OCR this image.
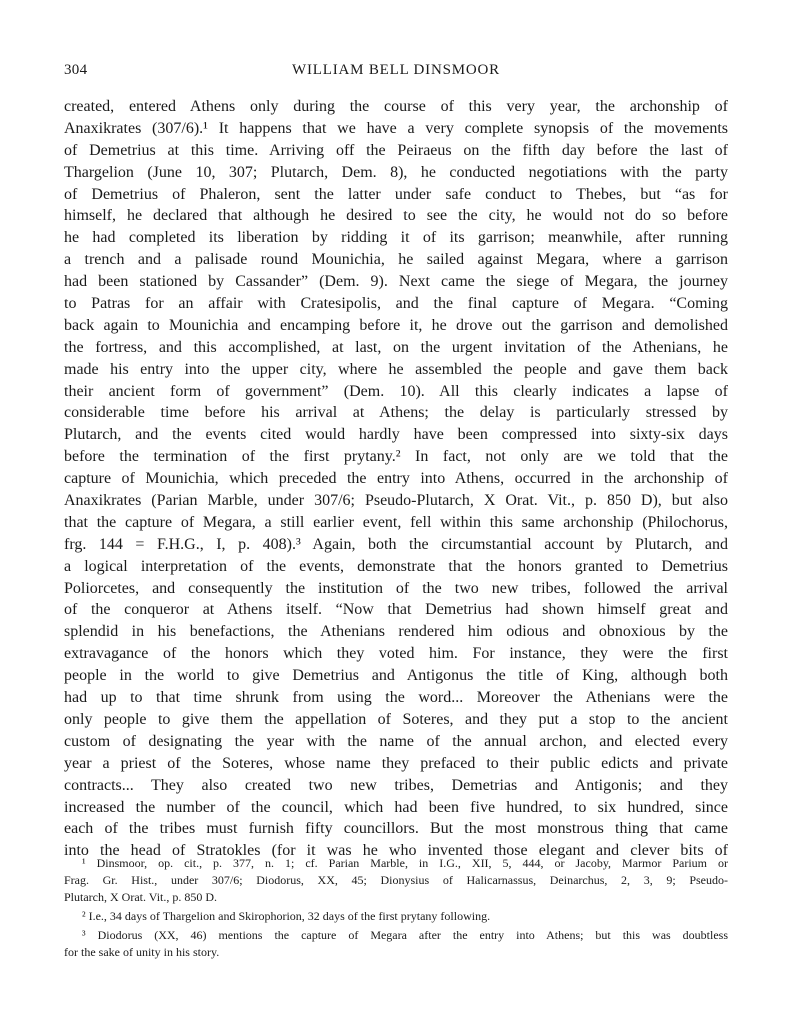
304	WILLIAM BELL DINSMOOR
created, entered Athens only during the course of this very year, the archonship of
Anaxikrates (307/6).¹ It happens that we have a very complete synopsis of the movements
of Demetrius at this time. Arriving off the Peiraeus on the fifth day before the last of
Thargelion (June 10, 307; Plutarch, Dem. 8), he conducted negotiations with the party
of Demetrius of Phaleron, sent the latter under safe conduct to Thebes, but “as for
himself, he declared that although he desired to see the city, he would not do so before
he had completed its liberation by ridding it of its garrison; meanwhile, after running
a trench and a palisade round Mounichia, he sailed against Megara, where a garrison
had been stationed by Cassander” (Dem. 9). Next came the siege of Megara, the journey
to Patras for an affair with Cratesipolis, and the final capture of Megara. “Coming
back again to Mounichia and encamping before it, he drove out the garrison and demolished
the fortress, and this accomplished, at last, on the urgent invitation of the Athenians, he
made his entry into the upper city, where he assembled the people and gave them back
their ancient form of government” (Dem. 10). All this clearly indicates a lapse of
considerable time before his arrival at Athens; the delay is particularly stressed by
Plutarch, and the events cited would hardly have been compressed into sixty-six days
before the termination of the first prytany.² In fact, not only are we told that the
capture of Mounichia, which preceded the entry into Athens, occurred in the archonship of
Anaxikrates (Parian Marble, under 307/6; Pseudo-Plutarch, X Orat. Vit., p. 850 D), but also
that the capture of Megara, a still earlier event, fell within this same archonship (Philochorus,
frg. 144 = F.H.G., I, p. 408).³ Again, both the circumstantial account by Plutarch, and
a logical interpretation of the events, demonstrate that the honors granted to Demetrius
Poliorcetes, and consequently the institution of the two new tribes, followed the arrival
of the conqueror at Athens itself. “Now that Demetrius had shown himself great and
splendid in his benefactions, the Athenians rendered him odious and obnoxious by the
extravagance of the honors which they voted him. For instance, they were the first
people in the world to give Demetrius and Antigonus the title of King, although both
had up to that time shrunk from using the word... Moreover the Athenians were the
only people to give them the appellation of Soteres, and they put a stop to the ancient
custom of designating the year with the name of the annual archon, and elected every
year a priest of the Soteres, whose name they prefaced to their public edicts and private
contracts... They also created two new tribes, Demetrias and Antigonis; and they
increased the number of the council, which had been five hundred, to six hundred, since
each of the tribes must furnish fifty councillors. But the most monstrous thing that came
into the head of Stratokles (for it was he who invented those elegant and clever bits of
¹ Dinsmoor, op. cit., p. 377, n. 1; cf. Parian Marble, in I.G., XII, 5, 444, or Jacoby, Marmor Parium or
Frag. Gr. Hist., under 307/6; Diodorus, XX, 45; Dionysius of Halicarnassus, Deinarchus, 2, 3, 9; Pseudo-
Plutarch, X Orat. Vit., p. 850 D.
² I.e., 34 days of Thargelion and Skirophorion, 32 days of the first prytany following.
³ Diodorus (XX, 46) mentions the capture of Megara after the entry into Athens; but this was doubtless
for the sake of unity in his story.
